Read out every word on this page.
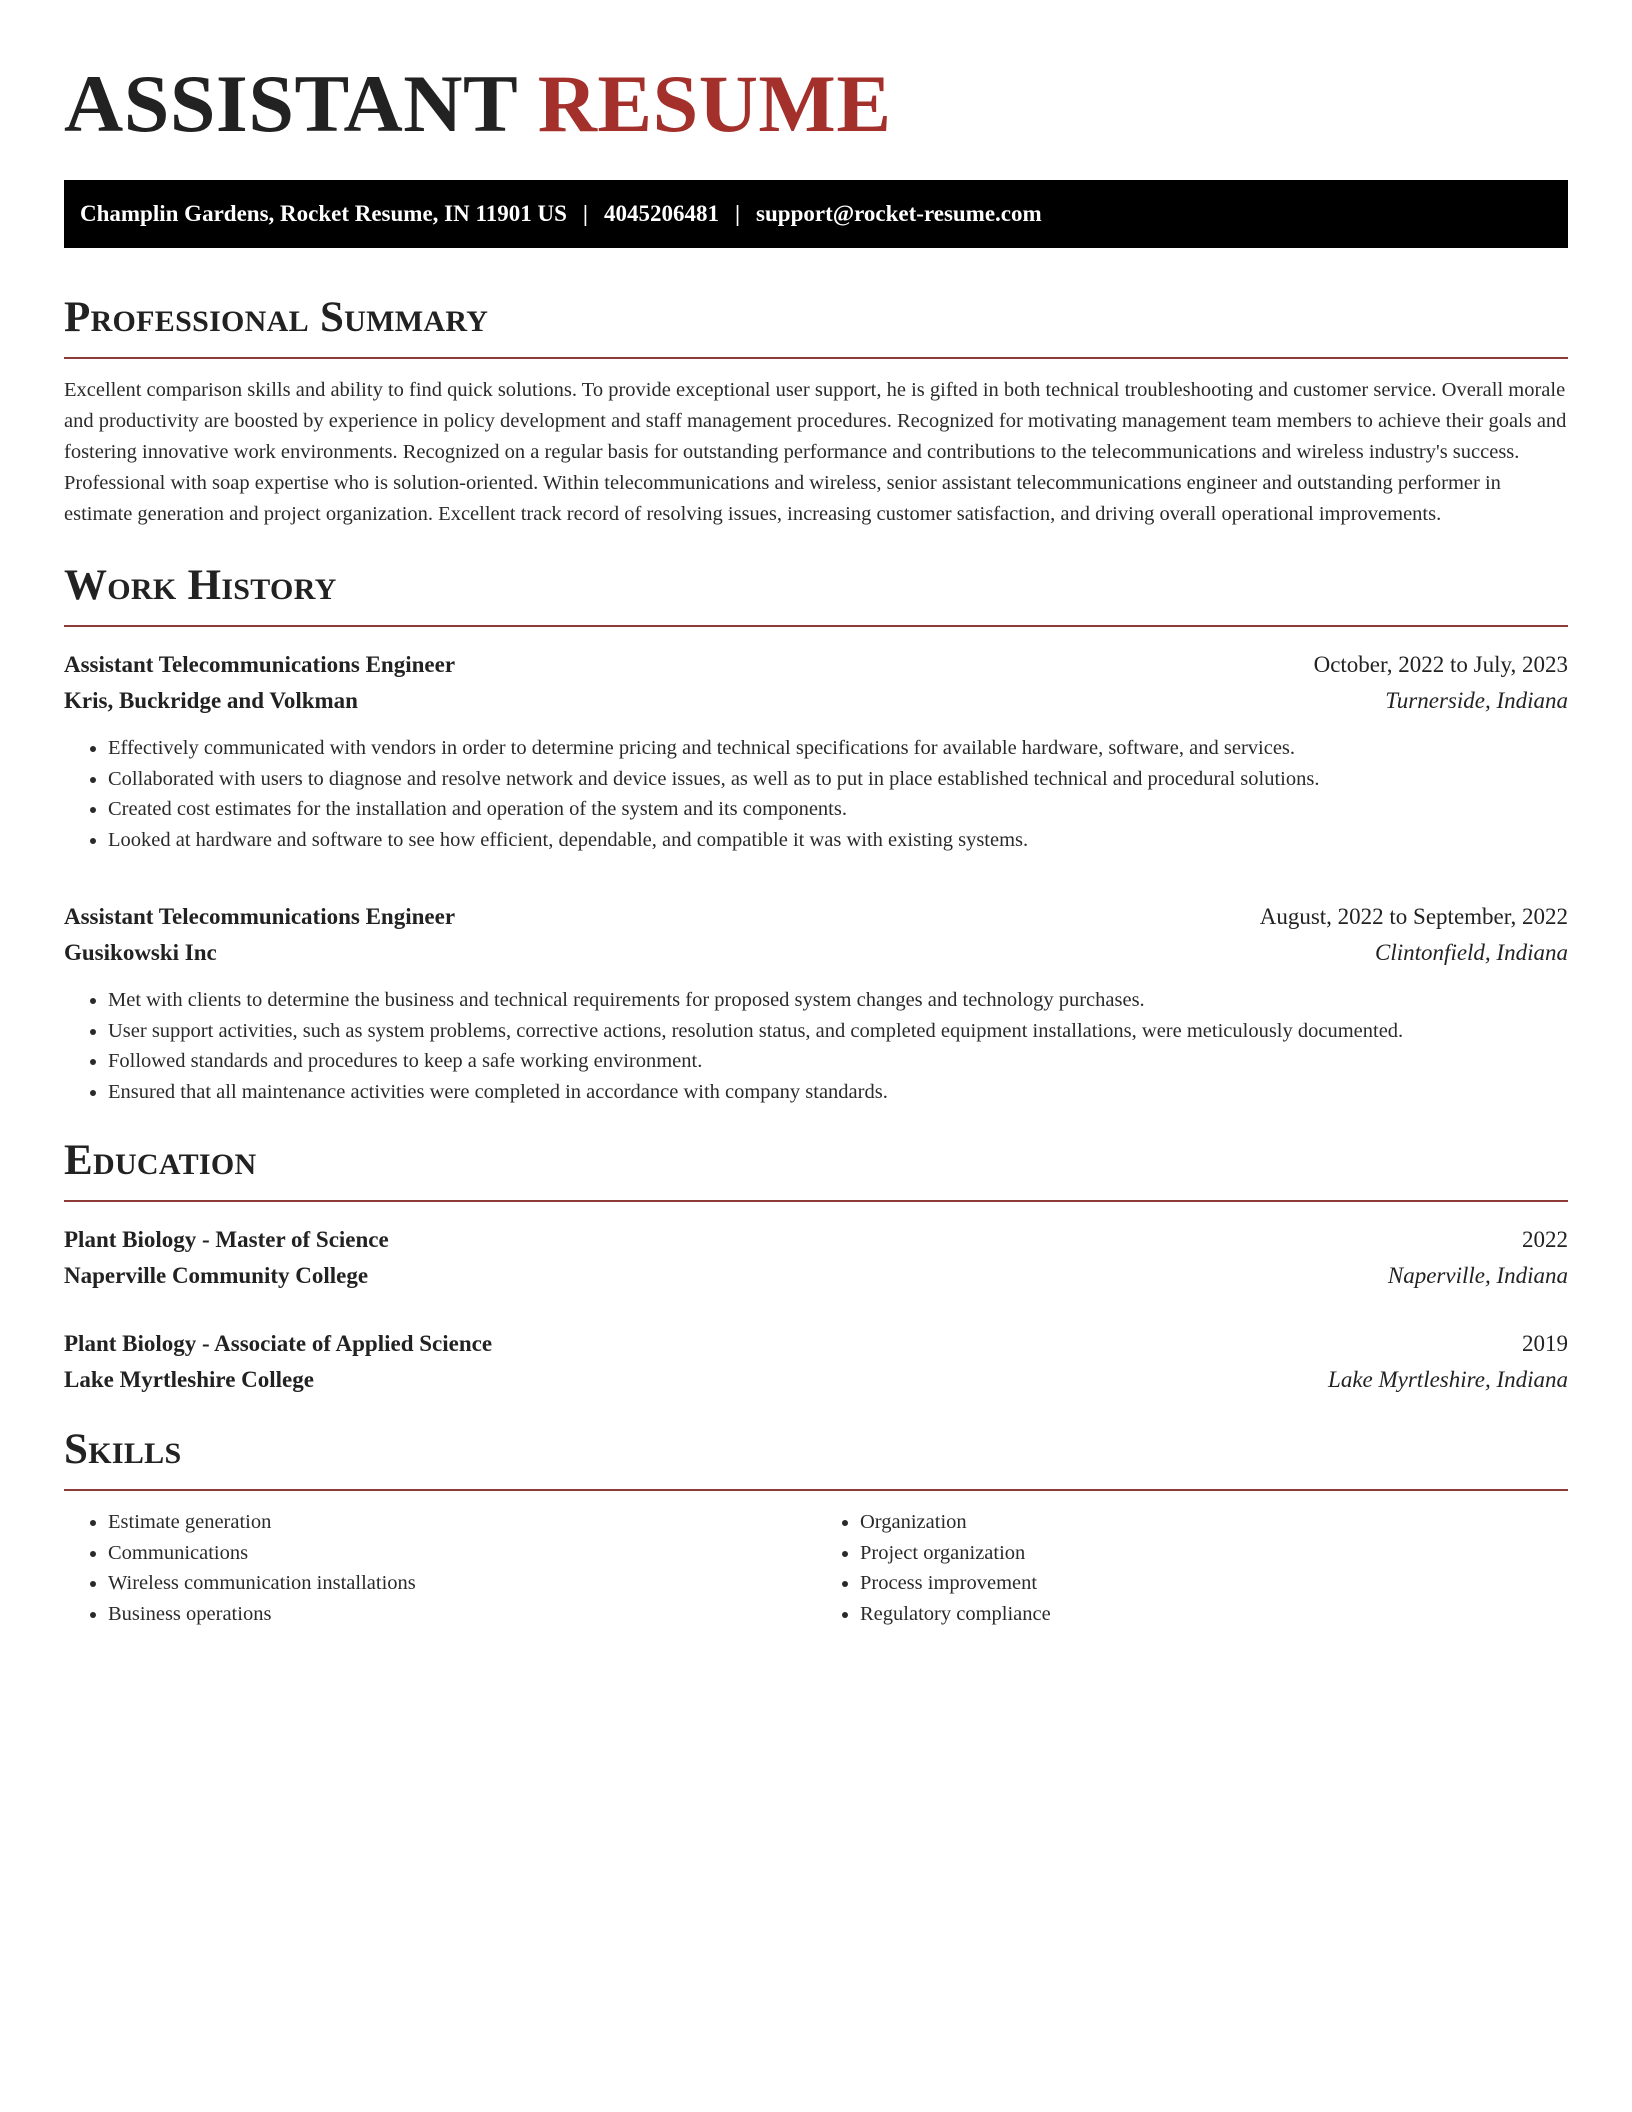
ASSISTANT RESUME
Champlin Gardens, Rocket Resume, IN 11901 US | 4045206481 | support@rocket-resume.com
Professional Summary

Excellent comparison skills and ability to find quick solutions. To provide exceptional user support, he is gifted in both technical troubleshooting and customer service. Overall morale and productivity are boosted by experience in policy development and staff management procedures. Recognized for motivating management team members to achieve their goals and fostering innovative work environments. Recognized on a regular basis for outstanding performance and contributions to the telecommunications and wireless industry's success. Professional with soap expertise who is solution-oriented. Within telecommunications and wireless, senior assistant telecommunications engineer and outstanding performer in estimate generation and project organization. Excellent track record of resolving issues, increasing customer satisfaction, and driving overall operational improvements.

Work History
Assistant Telecommunications Engineer	October, 2022 to July, 2023
Kris, Buckridge and Volkman	Turnerside, Indiana
• Effectively communicated with vendors in order to determine pricing and technical specifications for available hardware, software, and services.
• Collaborated with users to diagnose and resolve network and device issues, as well as to put in place established technical and procedural solutions.
• Created cost estimates for the installation and operation of the system and its components.
• Looked at hardware and software to see how efficient, dependable, and compatible it was with existing systems.
Assistant Telecommunications Engineer	August, 2022 to September, 2022
Gusikowski Inc	Clintonfield, Indiana
• Met with clients to determine the business and technical requirements for proposed system changes and technology purchases.
• User support activities, such as system problems, corrective actions, resolution status, and completed equipment installations, were meticulously documented.
• Followed standards and procedures to keep a safe working environment.
• Ensured that all maintenance activities were completed in accordance with company standards.
Education
Plant Biology - Master of Science	2022
Naperville Community College	Naperville, Indiana
Plant Biology - Associate of Applied Science	2019
Lake Myrtleshire College	Lake Myrtleshire, Indiana
Skills
• Estimate generation
• Communications
• Wireless communication installations
• Business operations
• Organization
• Project organization
• Process improvement
• Regulatory compliance
